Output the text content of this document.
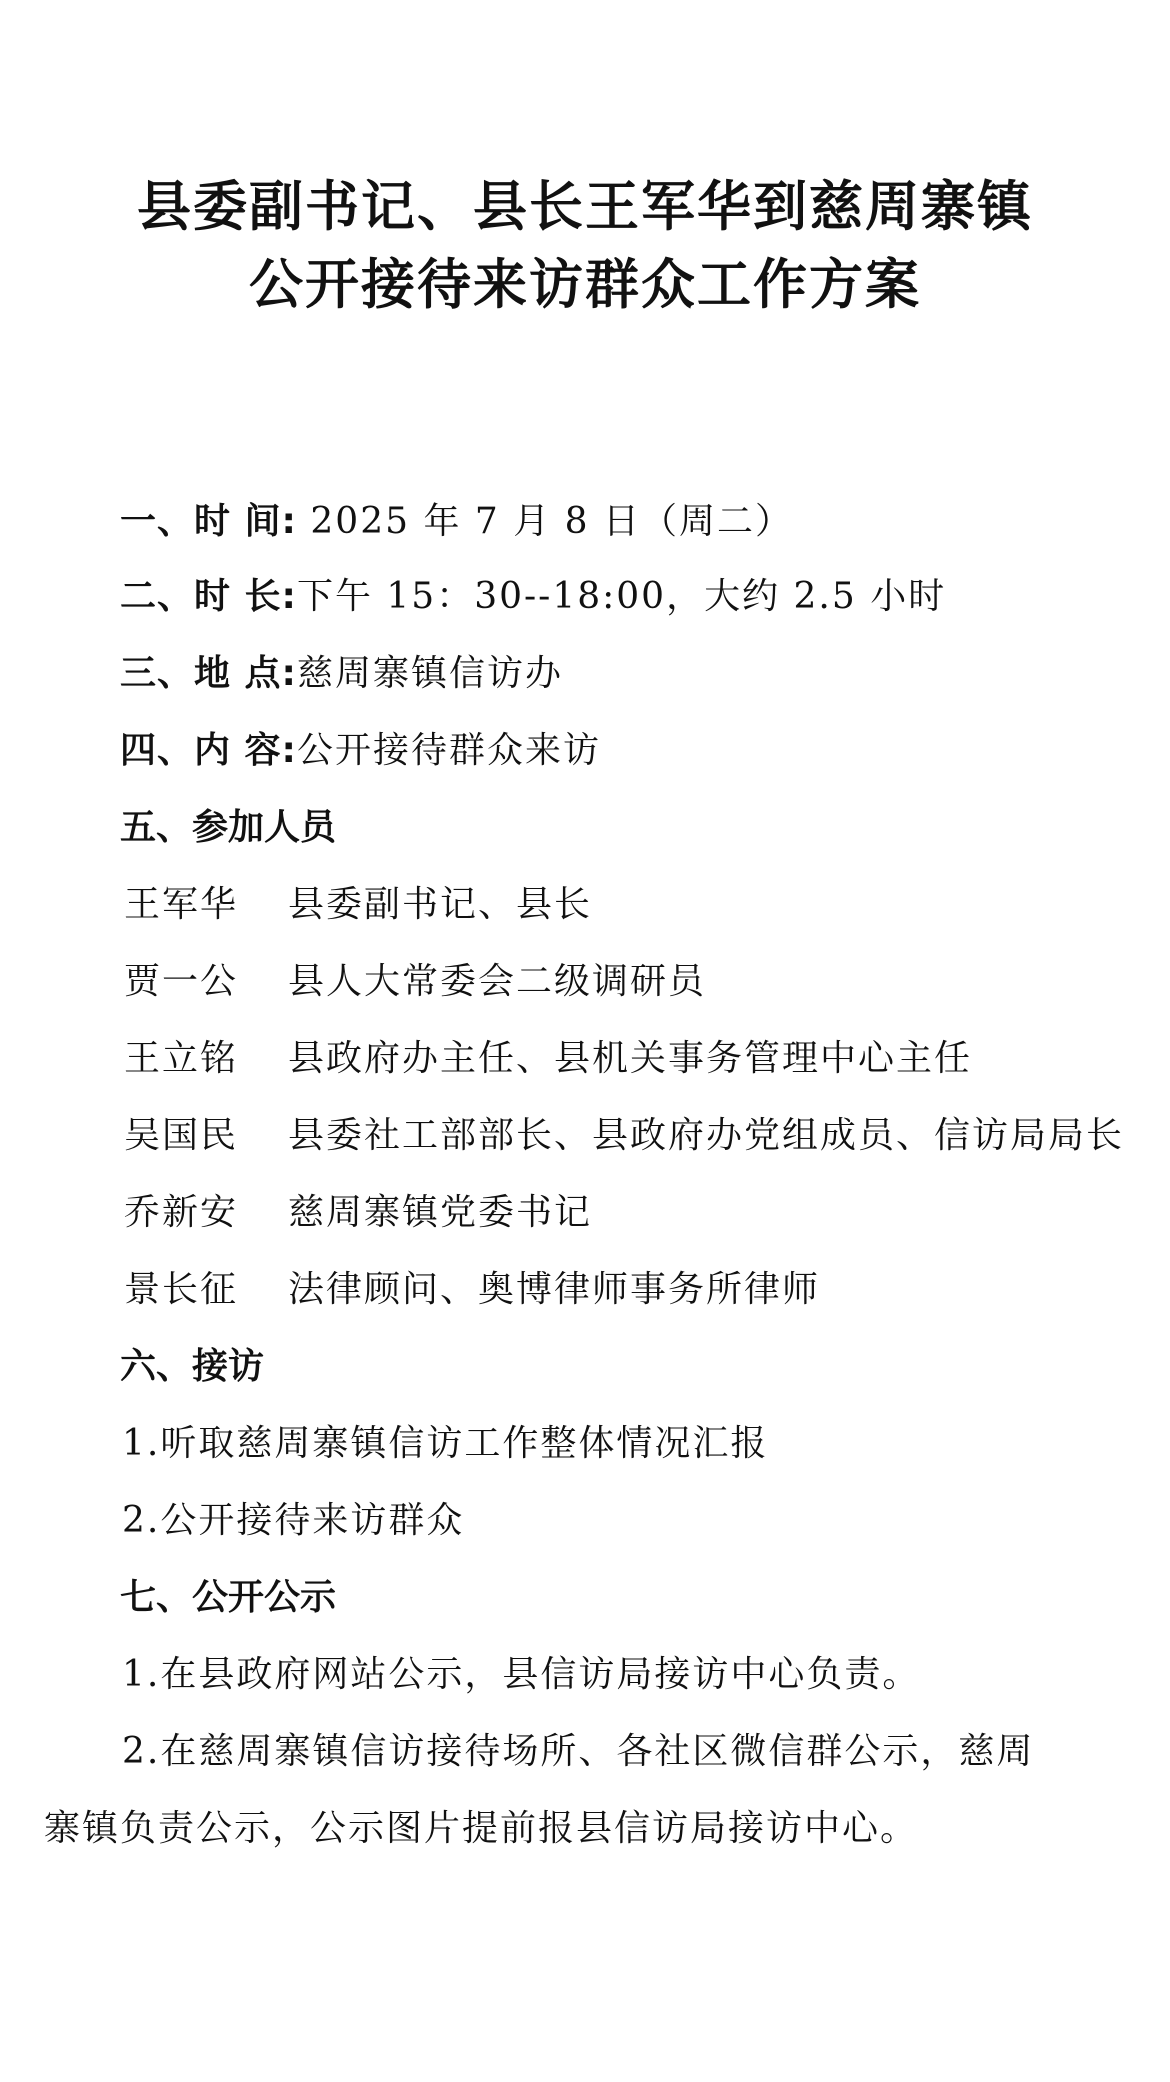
县委副书记、县长王军华到慈周寨镇
公开接待来访群众工作方案
一、时 间: 2025 年 7 月 8 日（周二）
二、时 长:下午 15：30--18:00，大约 2.5 小时
三、地 点:慈周寨镇信访办
四、内 容:公开接待群众来访
五、参加人员
王军华 县委副书记、县长
贾一公 县人大常委会二级调研员
王立铭 县政府办主任、县机关事务管理中心主任
吴国民 县委社工部部长、县政府办党组成员、信访局局长
乔新安 慈周寨镇党委书记
景长征 法律顾问、奥博律师事务所律师
六、接访
1.听取慈周寨镇信访工作整体情况汇报
2.公开接待来访群众
七、公开公示
1.在县政府网站公示，县信访局接访中心负责。
2.在慈周寨镇信访接待场所、各社区微信群公示，慈周
寨镇负责公示，公示图片提前报县信访局接访中心。
